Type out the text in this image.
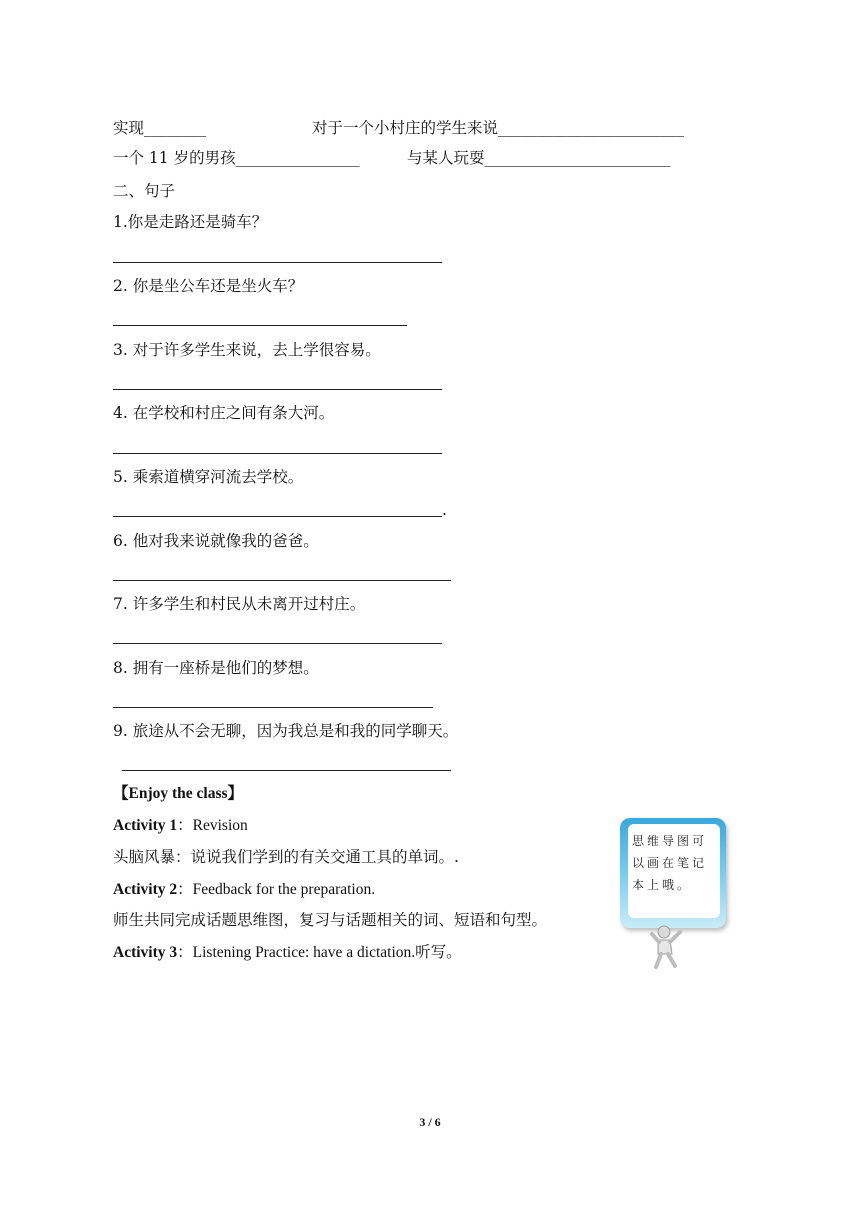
实现________	对于一个小村庄的学生来说________________________
一个 11 岁的男孩________________	与某人玩耍________________________
二、句子
1.你是走路还是骑车？
2. 你是坐公车还是坐火车？
3. 对于许多学生来说，去上学很容易。
4. 在学校和村庄之间有条大河。
5. 乘索道横穿河流去学校。
.
6. 他对我来说就像我的爸爸。
7. 许多学生和村民从未离开过村庄。
8. 拥有一座桥是他们的梦想。
9. 旅途从不会无聊，因为我总是和我的同学聊天。
【Enjoy the class】
Activity 1：Revision
头脑风暴：说说我们学到的有关交通工具的单词。.
Activity 2：Feedback for the preparation.
师生共同完成话题思维图，复习与话题相关的词、短语和句型。
Activity 3：Listening Practice: have a dictation.听写。
思维导图可以画在笔记本上哦。
3 / 6
